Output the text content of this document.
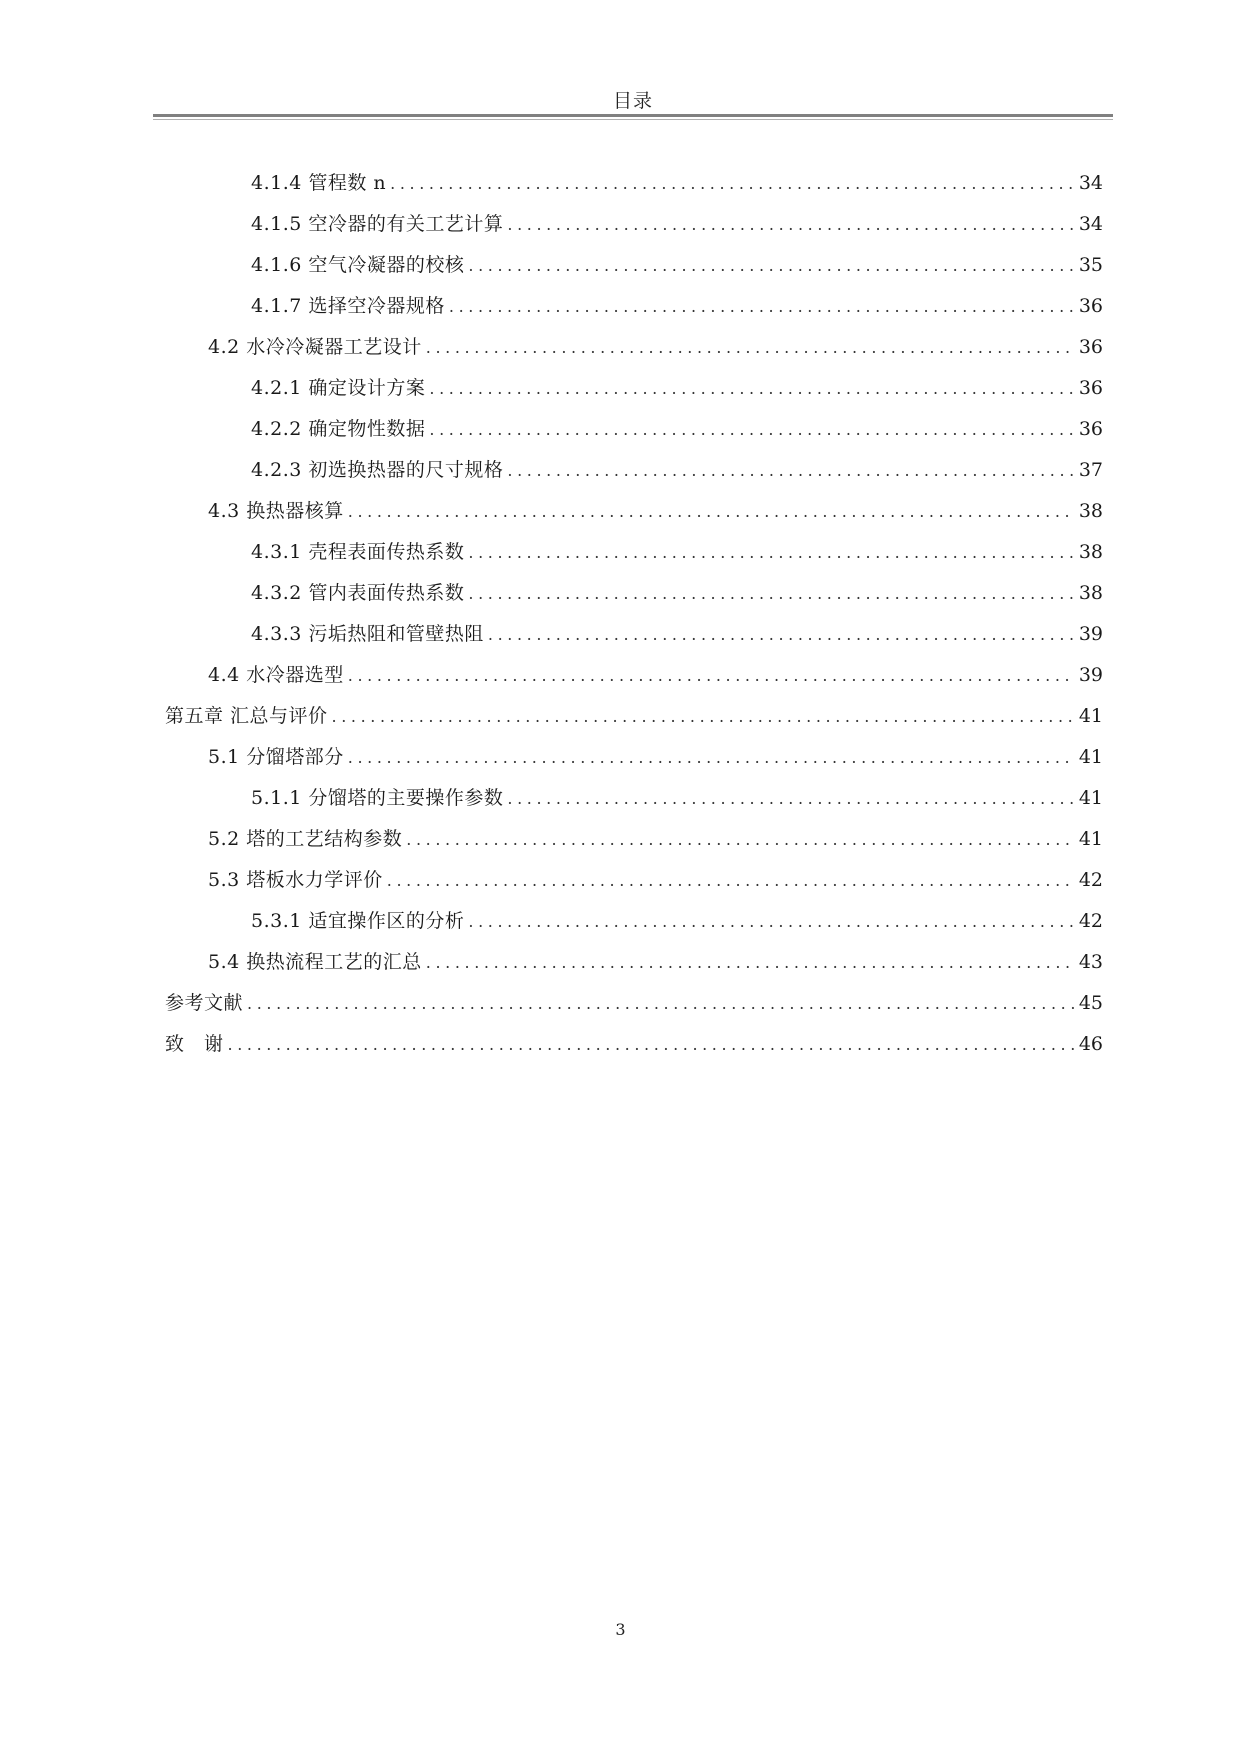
目录
4.1.4 管程数 n .....	34
4.1.5 空冷器的有关工艺计算 .....	34
4.1.6 空气冷凝器的校核 .....	35
4.1.7 选择空冷器规格 .....	36
4.2 水冷冷凝器工艺设计 .....	36
4.2.1 确定设计方案 .....	36
4.2.2 确定物性数据 .....	36
4.2.3 初选换热器的尺寸规格 .....	37
4.3 换热器核算 .....	38
4.3.1 壳程表面传热系数 .....	38
4.3.2 管内表面传热系数 .....	38
4.3.3 污垢热阻和管壁热阻 .....	39
4.4 水冷器选型 .....	39
第五章 汇总与评价 .....	41
5.1 分馏塔部分 .....	41
5.1.1 分馏塔的主要操作参数 .....	41
5.2 塔的工艺结构参数 .....	41
5.3 塔板水力学评价 .....	42
5.3.1 适宜操作区的分析 .....	42
5.4 换热流程工艺的汇总 .....	43
参考文献 .....	45
致　谢 .....	46
3
